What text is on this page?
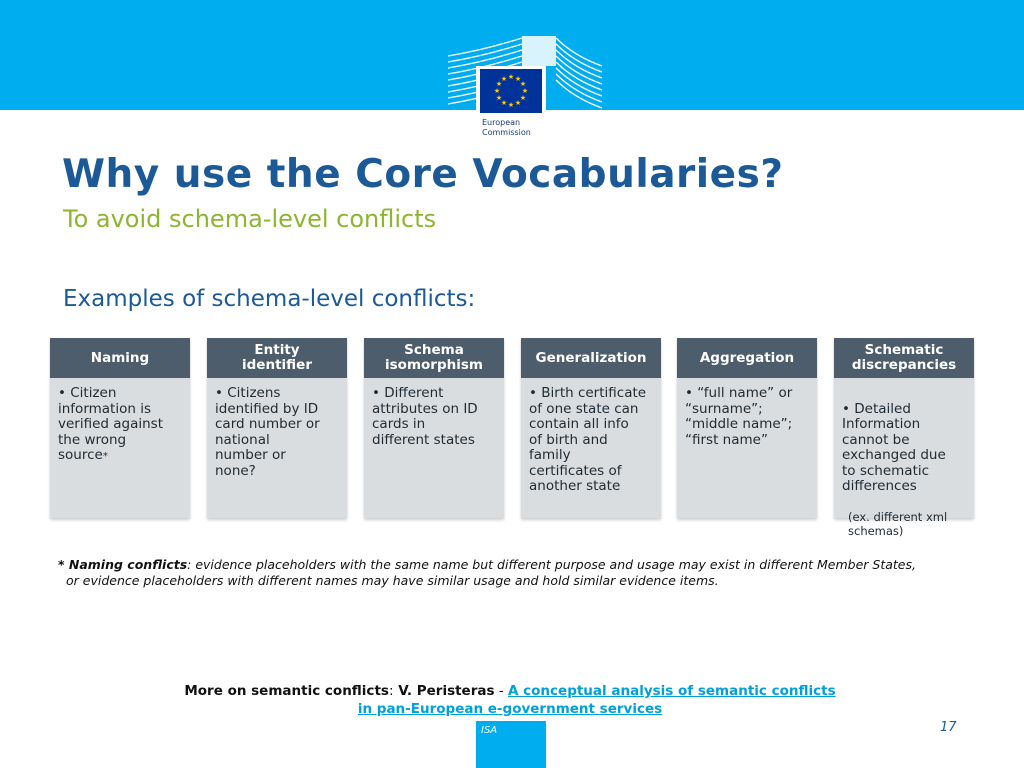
★ ★
★
★
★
★
★
★
★
★
★
★
European
Commission
Why use the Core Vocabularies?
To avoid schema-level conflicts
Examples of schema-level conflicts:
Naming
• Citizen
information is
verified against
the wrong
source*
Entity
identifier
• Citizens
identified by ID
card number or
national
number or
none?
Schema
isomorphism
• Different
attributes on ID
cards in
different states
Generalization
• Birth certificate
of one state can
contain all info
of birth and
family
certificates of
another state
Aggregation
• “full name” or
“surname”;
“middle name”;
“first name”
Schematic
discrepancies

• Detailed
Information
cannot be
exchanged due
to schematic
differences

(ex. different xml
schemas)

* Naming conflicts: evidence placeholders with the same name but different purpose and usage may exist in different Member States,
or evidence placeholders with different names may have similar usage and hold similar evidence items.
More on semantic conflicts: V. Peristeras - A conceptual analysis of semantic conflicts in pan-European e-government services
ISA	17
